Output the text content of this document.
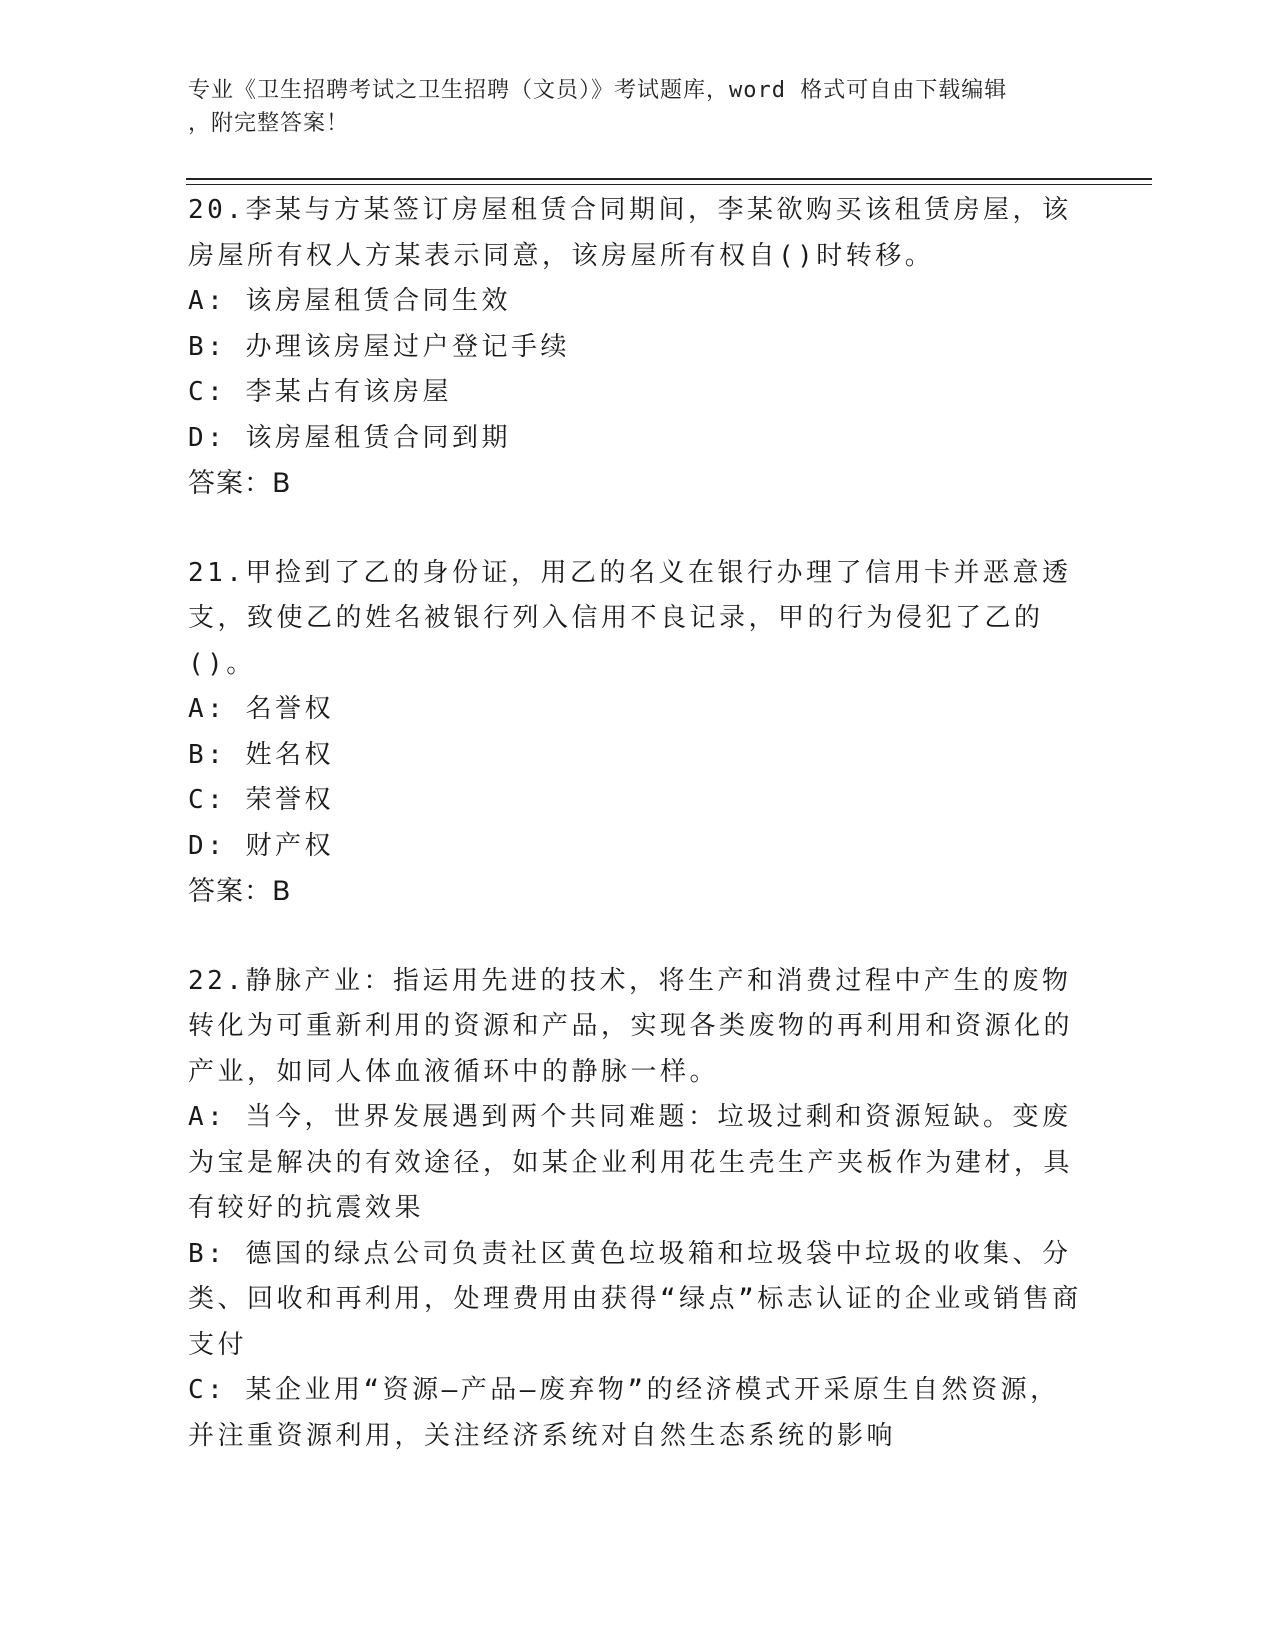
专业《卫生招聘考试之卫生招聘（文员）》考试题库，word 格式可自由下载编辑
，附完整答案！

20.李某与方某签订房屋租赁合同期间，李某欲购买该租赁房屋，该房屋所有权人方某表示同意，该房屋所有权自()时转移。

A: 该房屋租赁合同生效

B: 办理该房屋过户登记手续

C: 李某占有该房屋

D: 该房屋租赁合同到期

答案：B

21.甲捡到了乙的身份证，用乙的名义在银行办理了信用卡并恶意透支，致使乙的姓名被银行列入信用不良记录，甲的行为侵犯了乙的()。

A: 名誉权

B: 姓名权

C: 荣誉权

D: 财产权

答案：B

22.静脉产业：指运用先进的技术，将生产和消费过程中产生的废物转化为可重新利用的资源和产品，实现各类废物的再利用和资源化的产业，如同人体血液循环中的静脉一样。

A: 当今，世界发展遇到两个共同难题：垃圾过剩和资源短缺。变废为宝是解决的有效途径，如某企业利用花生壳生产夹板作为建材，具有较好的抗震效果

B: 德国的绿点公司负责社区黄色垃圾箱和垃圾袋中垃圾的收集、分类、回收和再利用，处理费用由获得“绿点”标志认证的企业或销售商支付

C: 某企业用“资源—产品—废弃物”的经济模式开采原生自然资源，并注重资源利用，关注经济系统对自然生态系统的影响
